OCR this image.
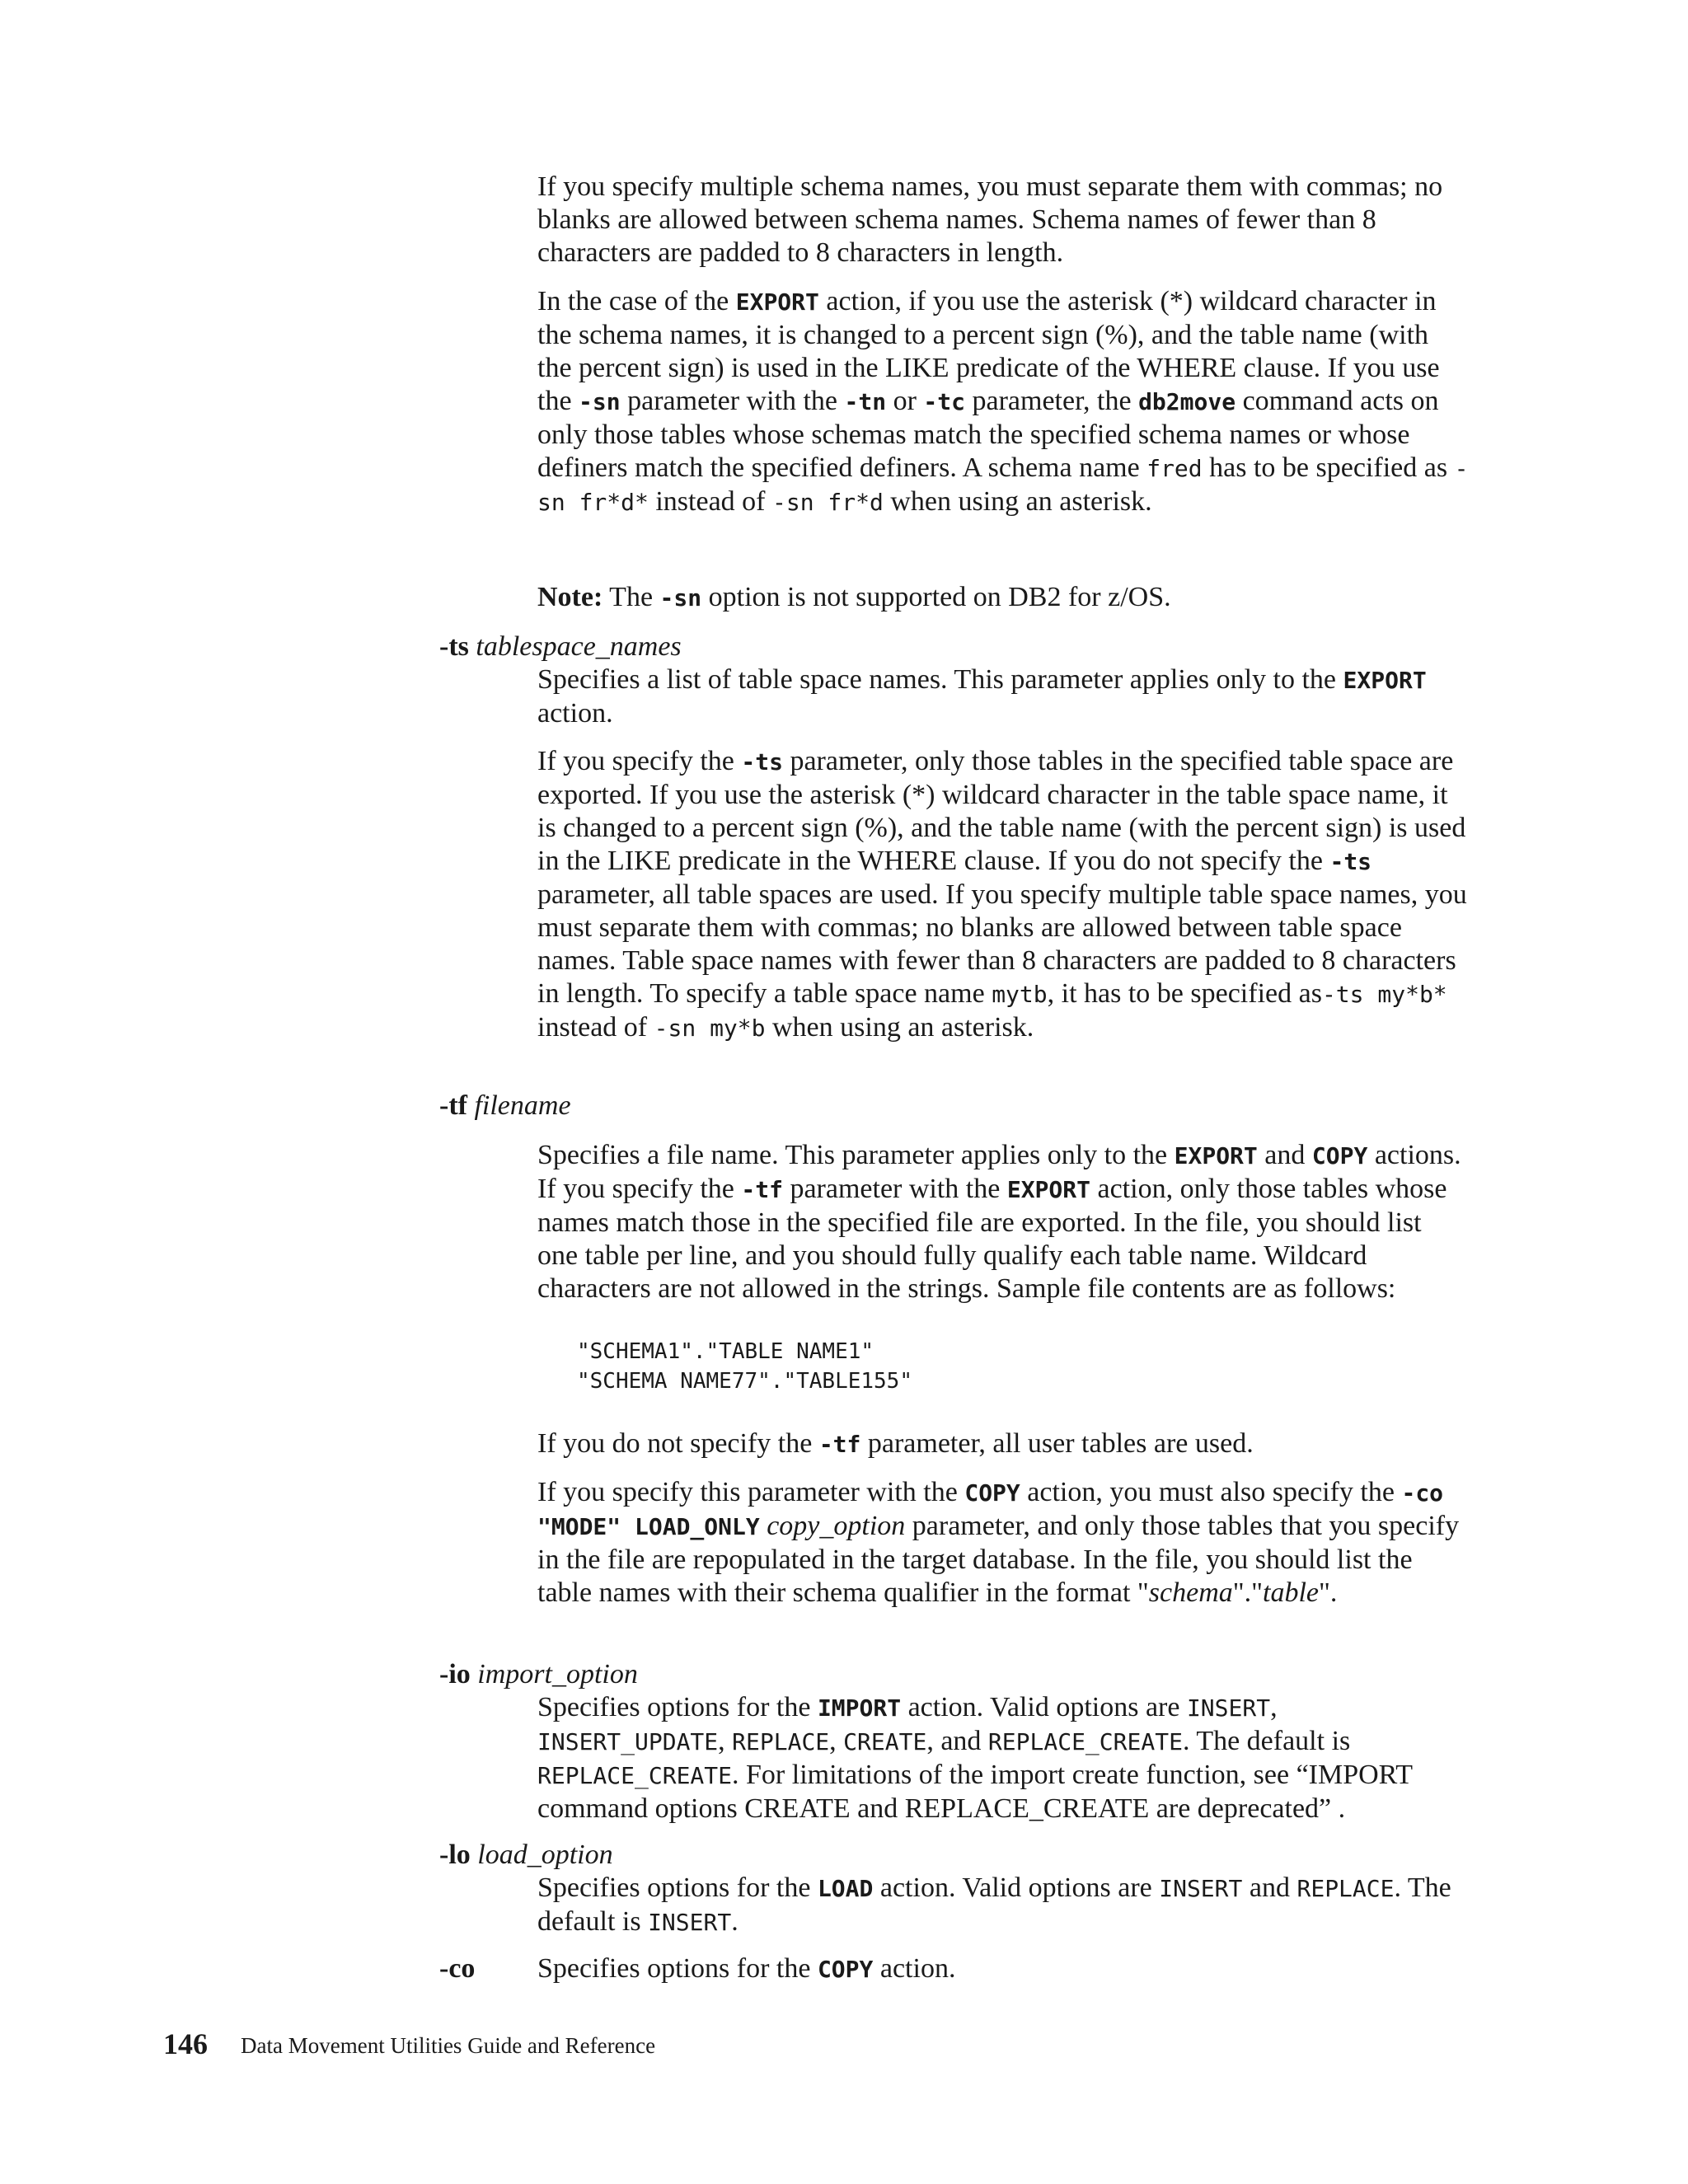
If you specify multiple schema names, you must separate them with commas; no blanks are allowed between schema names. Schema names of fewer than 8 characters are padded to 8 characters in length.

In the case of the EXPORT action, if you use the asterisk (*) wildcard character in the schema names, it is changed to a percent sign (%), and the table name (with the percent sign) is used in the LIKE predicate of the WHERE clause. If you use the -sn parameter with the -tn or -tc parameter, the db2move command acts on only those tables whose schemas match the specified schema names or whose definers match the specified definers. A schema name fred has to be specified as -sn fr*d* instead of -sn fr*d when using an asterisk.

Note: The -sn option is not supported on DB2 for z/OS.

-ts tablespace_names

Specifies a list of table space names. This parameter applies only to the EXPORT action.

If you specify the -ts parameter, only those tables in the specified table space are exported. If you use the asterisk (*) wildcard character in the table space name, it is changed to a percent sign (%), and the table name (with the percent sign) is used in the LIKE predicate in the WHERE clause. If you do not specify the -ts parameter, all table spaces are used. If you specify multiple table space names, you must separate them with commas; no blanks are allowed between table space names. Table space names with fewer than 8 characters are padded to 8 characters in length. To specify a table space name mytb, it has to be specified as-ts my*b* instead of -sn my*b when using an asterisk.

-tf filename

Specifies a file name. This parameter applies only to the EXPORT and COPY actions. If you specify the -tf parameter with the EXPORT action, only those tables whose names match those in the specified file are exported. In the file, you should list one table per line, and you should fully qualify each table name. Wildcard characters are not allowed in the strings. Sample file contents are as follows:

"SCHEMA1"."TABLE NAME1"
"SCHEMA NAME77"."TABLE155"

If you do not specify the -tf parameter, all user tables are used.

If you specify this parameter with the COPY action, you must also specify the -co "MODE" LOAD_ONLY copy_option parameter, and only those tables that you specify in the file are repopulated in the target database. In the file, you should list the table names with their schema qualifier in the format "schema"."table".

-io import_option

Specifies options for the IMPORT action. Valid options are INSERT, INSERT_UPDATE, REPLACE, CREATE, and REPLACE_CREATE. The default is REPLACE_CREATE. For limitations of the import create function, see “IMPORT command options CREATE and REPLACE_CREATE are deprecated” .

-lo load_option

Specifies options for the LOAD action. Valid options are INSERT and REPLACE. The default is INSERT.

-co Specifies options for the COPY action.

146 Data Movement Utilities Guide and Reference
